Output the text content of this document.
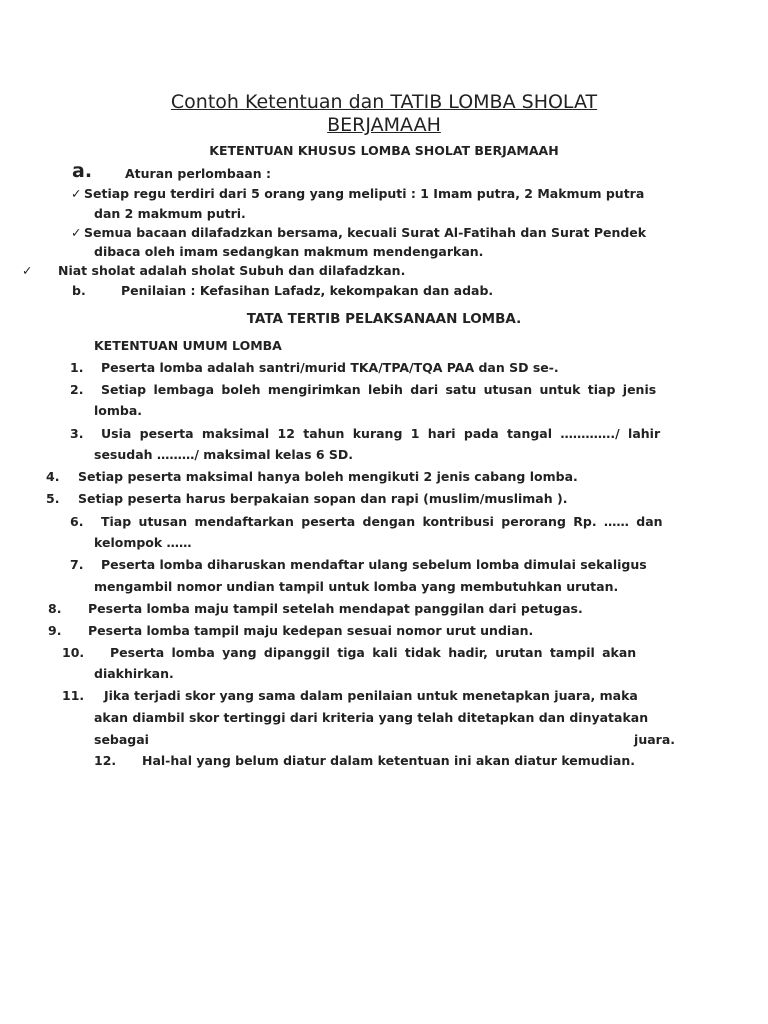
Contoh Ketentuan dan TATIB LOMBA SHOLAT
BERJAMAAH
KETENTUAN KHUSUS LOMBA SHOLAT BERJAMAAH
a.	Aturan perlombaan :
✓ Setiap regu terdiri dari 5 orang yang meliputi : 1 Imam putra, 2 Makmum putra
dan 2 makmum putri.
✓ Semua bacaan dilafadzkan bersama, kecuali Surat Al-Fatihah dan Surat Pendek
dibaca oleh imam sedangkan makmum mendengarkan.
✓ Niat sholat adalah sholat Subuh dan dilafadzkan.
b.	Penilaian : Kefasihan Lafadz, kekompakan dan adab.
TATA TERTIB PELAKSANAAN LOMBA.
KETENTUAN UMUM LOMBA
1. Peserta lomba adalah santri/murid TKA/TPA/TQA PAA dan SD se-.
2. Setiap lembaga boleh mengirimkan lebih dari satu utusan untuk tiap jenis
lomba.
3. Usia peserta maksimal 12 tahun kurang 1 hari pada tangal …………./ lahir
sesudah ………/ maksimal kelas 6 SD.
4. Setiap peserta maksimal hanya boleh mengikuti 2 jenis cabang lomba.
5. Setiap peserta harus berpakaian sopan dan rapi (muslim/muslimah ).
6. Tiap utusan mendaftarkan peserta dengan kontribusi perorang Rp. …… dan
kelompok ……
7. Peserta lomba diharuskan mendaftar ulang sebelum lomba dimulai sekaligus
mengambil nomor undian tampil untuk lomba yang membutuhkan urutan.
8. Peserta lomba maju tampil setelah mendapat panggilan dari petugas.
9. Peserta lomba tampil maju kedepan sesuai nomor urut undian.
10. Peserta lomba yang dipanggil tiga kali tidak hadir, urutan tampil akan
diakhirkan.
11. Jika terjadi skor yang sama dalam penilaian untuk menetapkan juara, maka
akan diambil skor tertinggi dari kriteria yang telah ditetapkan dan dinyatakan
sebagai	juara.
12. Hal-hal yang belum diatur dalam ketentuan ini akan diatur kemudian.
